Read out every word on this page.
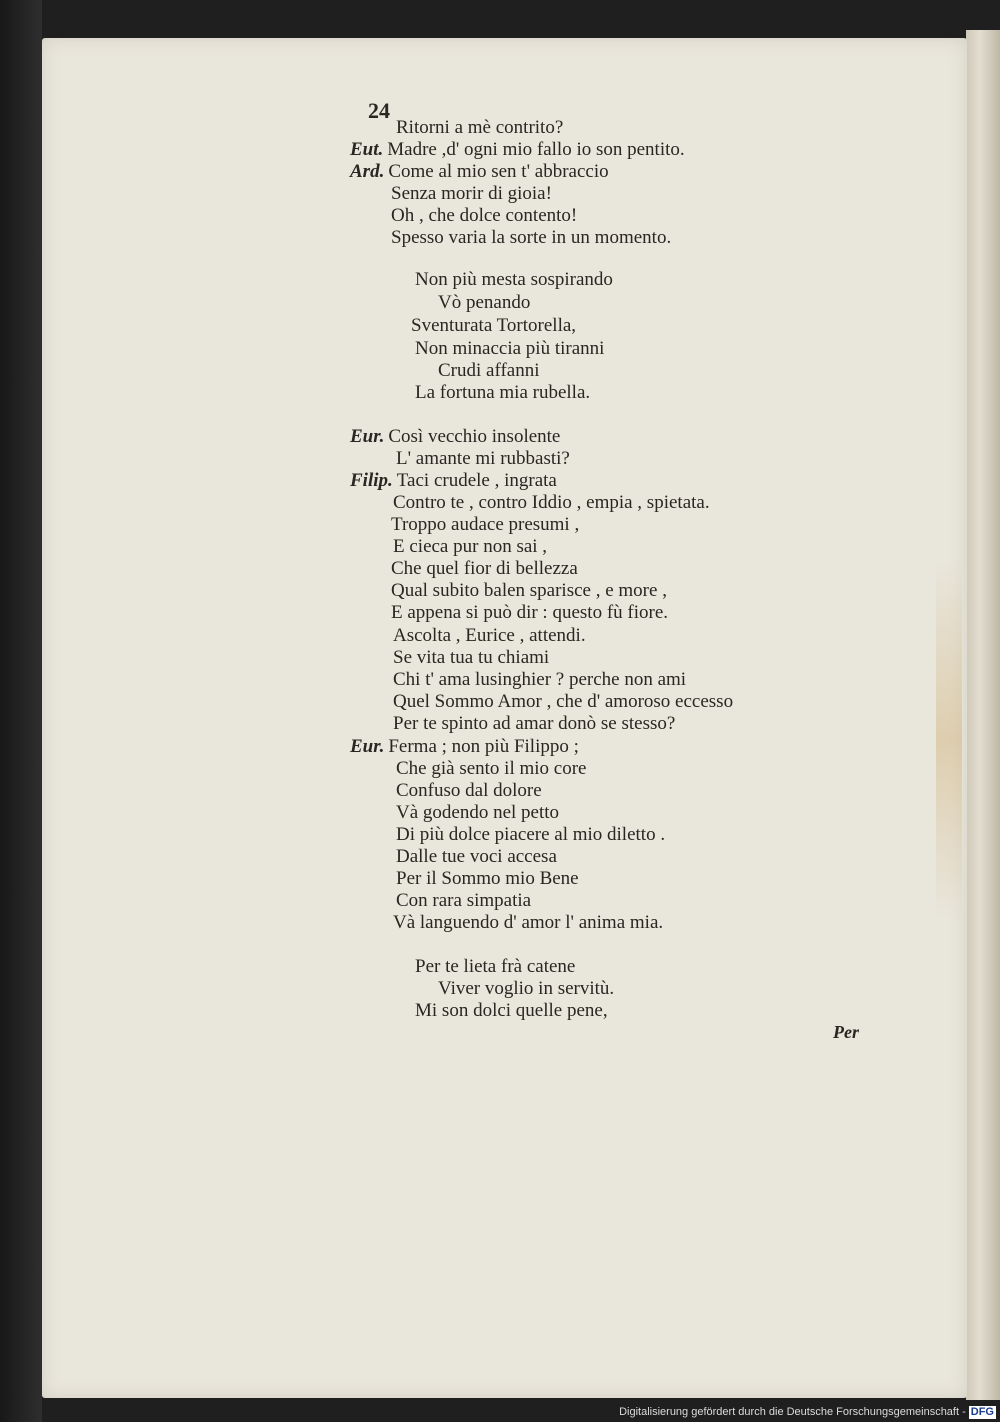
24
Ritorni a mè contrito?
Eut. Madre ,d' ogni mio fallo io son pentito.
Ard. Come al mio sen t' abbraccio
Senza morir di gioia!
Oh , che dolce contento!
Spesso varia la sorte in un momento.
Non più mesta sospirando
Vò penando
Sventurata Tortorella,
Non minaccia più tiranni
Crudi affanni
La fortuna mia rubella.
Eur. Così vecchio insolente
L' amante mi rubbasti?
Filip. Taci crudele , ingrata
Contro te , contro Iddio , empia , spietata.
Troppo audace presumi ,
E cieca pur non sai ,
Che quel fior di bellezza
Qual subito balen sparisce , e more ,
E appena si può dir : questo fù fiore.
Ascolta , Eurice , attendi.
Se vita tua tu chiami
Chi t' ama lusinghier ? perche non ami
Quel Sommo Amor , che d' amoroso eccesso
Per te spinto ad amar donò se stesso?
Eur. Ferma ; non più Filippo ;
Che già sento il mio core
Confuso dal dolore
Và godendo nel petto
Di più dolce piacere al mio diletto .
Dalle tue voci accesa
Per il Sommo mio Bene
Con rara simpatia
Và languendo d' amor l' anima mia.
Per te lieta frà catene
Viver voglio in servitù.
Mi son dolci quelle pene,
Per
Digitalisierung gefördert durch die Deutsche Forschungsgemeinschaft - DFG
